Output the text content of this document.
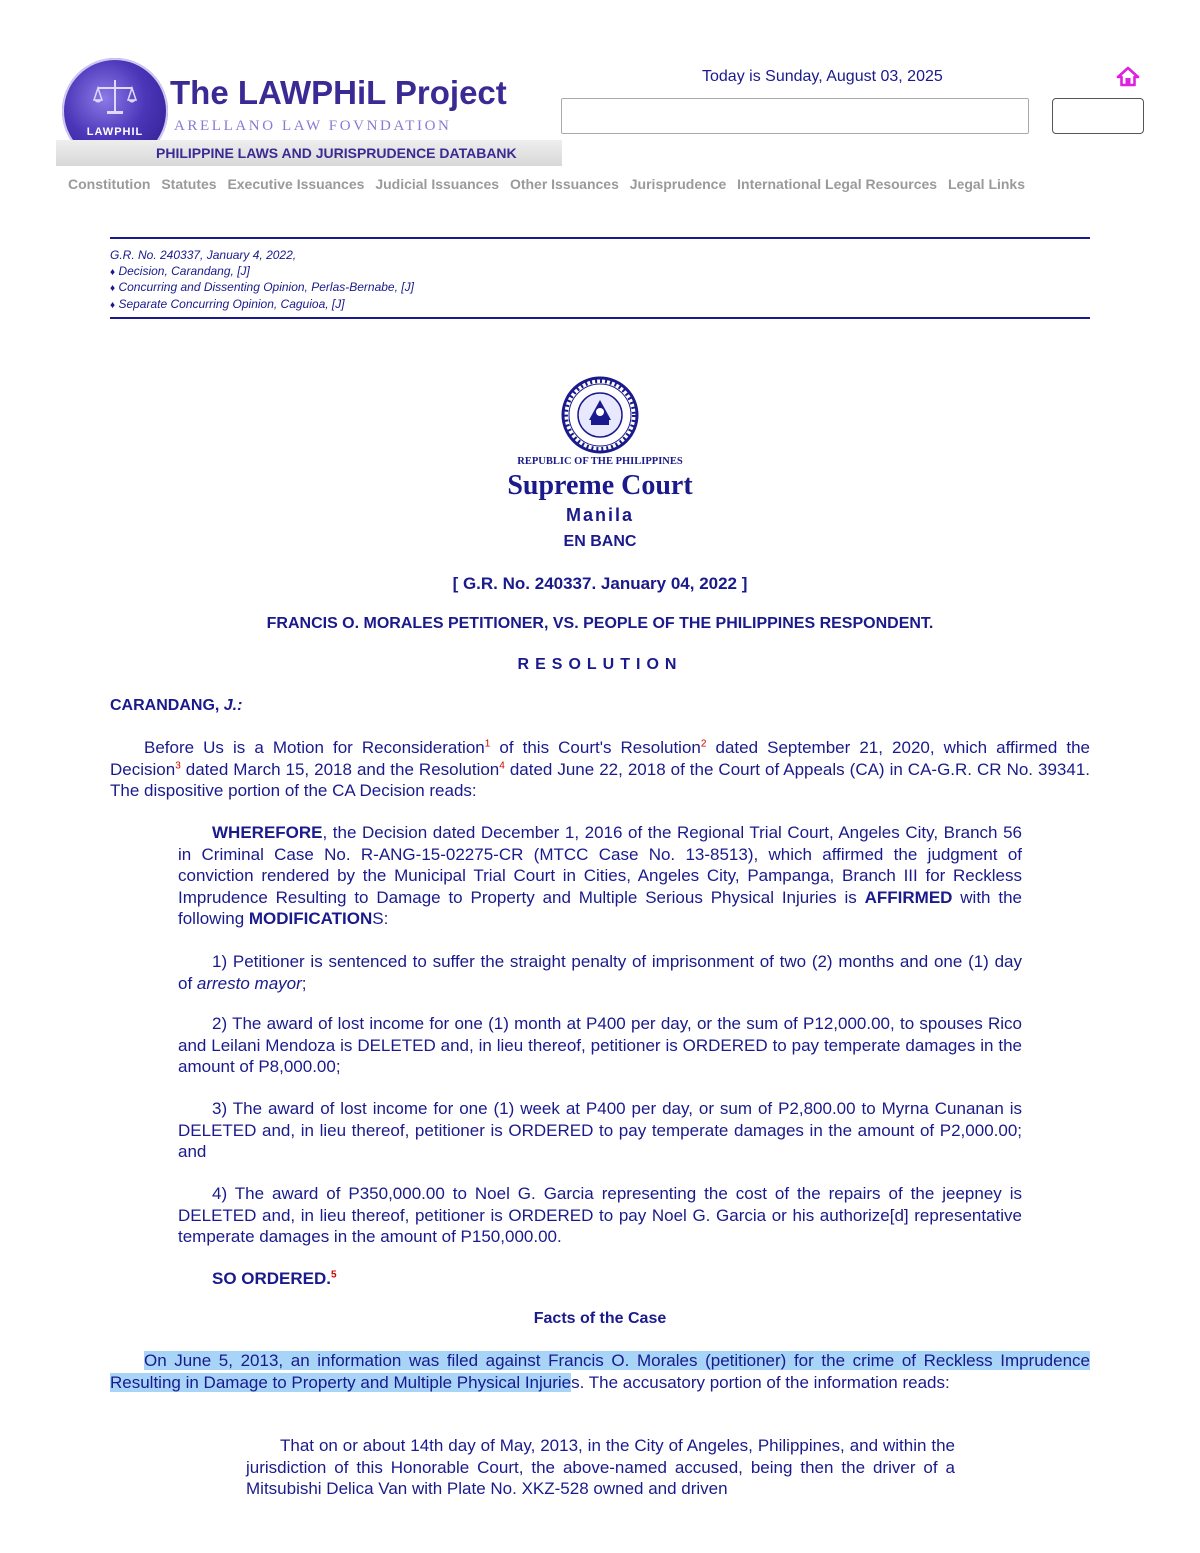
LAWPHIL
The LAWPHiL Project
ARELLANO LAW FOVNDATION
PHILIPPINE LAWS AND JURISPRUDENCE DATABANK
Today is Sunday, August 03, 2025
Constitution Statutes Executive Issuances Judicial Issuances Other Issuances Jurisprudence International Legal Resources Legal Links
G.R. No. 240337, January 4, 2022,
♦ Decision, Carandang, [J]
♦ Concurring and Dissenting Opinion, Perlas-Bernabe, [J]
♦ Separate Concurring Opinion, Caguioa, [J]
REPUBLIC OF THE PHILIPPINES
Supreme Court
Manila
EN BANC
[ G.R. No. 240337. January 04, 2022 ]
FRANCIS O. MORALES PETITIONER, VS. PEOPLE OF THE PHILIPPINES RESPONDENT.
RESOLUTION
CARANDANG, J.:
Before Us is a Motion for Reconsideration$^1$ of this Court's Resolution$^2$ dated September 21, 2020, which affirmed the Decision$^3$ dated March 15, 2018 and the Resolution$^4$ dated June 22, 2018 of the Court of Appeals (CA) in CA-G.R. CR No. 39341. The dispositive portion of the CA Decision reads:
WHEREFORE, the Decision dated December 1, 2016 of the Regional Trial Court, Angeles City, Branch 56 in Criminal Case No. R-ANG-15-02275-CR (MTCC Case No. 13-8513), which affirmed the judgment of conviction rendered by the Municipal Trial Court in Cities, Angeles City, Pampanga, Branch III for Reckless Imprudence Resulting to Damage to Property and Multiple Serious Physical Injuries is AFFIRMED with the following MODIFICATIONS:
1) Petitioner is sentenced to suffer the straight penalty of imprisonment of two (2) months and one (1) day of arresto mayor;
2) The award of lost income for one (1) month at P400 per day, or the sum of P12,000.00, to spouses Rico and Leilani Mendoza is DELETED and, in lieu thereof, petitioner is ORDERED to pay temperate damages in the amount of P8,000.00;
3) The award of lost income for one (1) week at P400 per day, or sum of P2,800.00 to Myrna Cunanan is DELETED and, in lieu thereof, petitioner is ORDERED to pay temperate damages in the amount of P2,000.00; and
4) The award of P350,000.00 to Noel G. Garcia representing the cost of the repairs of the jeepney is DELETED and, in lieu thereof, petitioner is ORDERED to pay Noel G. Garcia or his authorize[d] representative temperate damages in the amount of P150,000.00.
SO ORDERED.$^5$
Facts of the Case
On June 5, 2013, an information was filed against Francis O. Morales (petitioner) for the crime of Reckless Imprudence Resulting in Damage to Property and Multiple Physical Injuries. The accusatory portion of the information reads:
That on or about 14th day of May, 2013, in the City of Angeles, Philippines, and within the jurisdiction of this Honorable Court, the above-named accused, being then the driver of a Mitsubishi Delica Van with Plate No. XKZ-528 owned and driven
